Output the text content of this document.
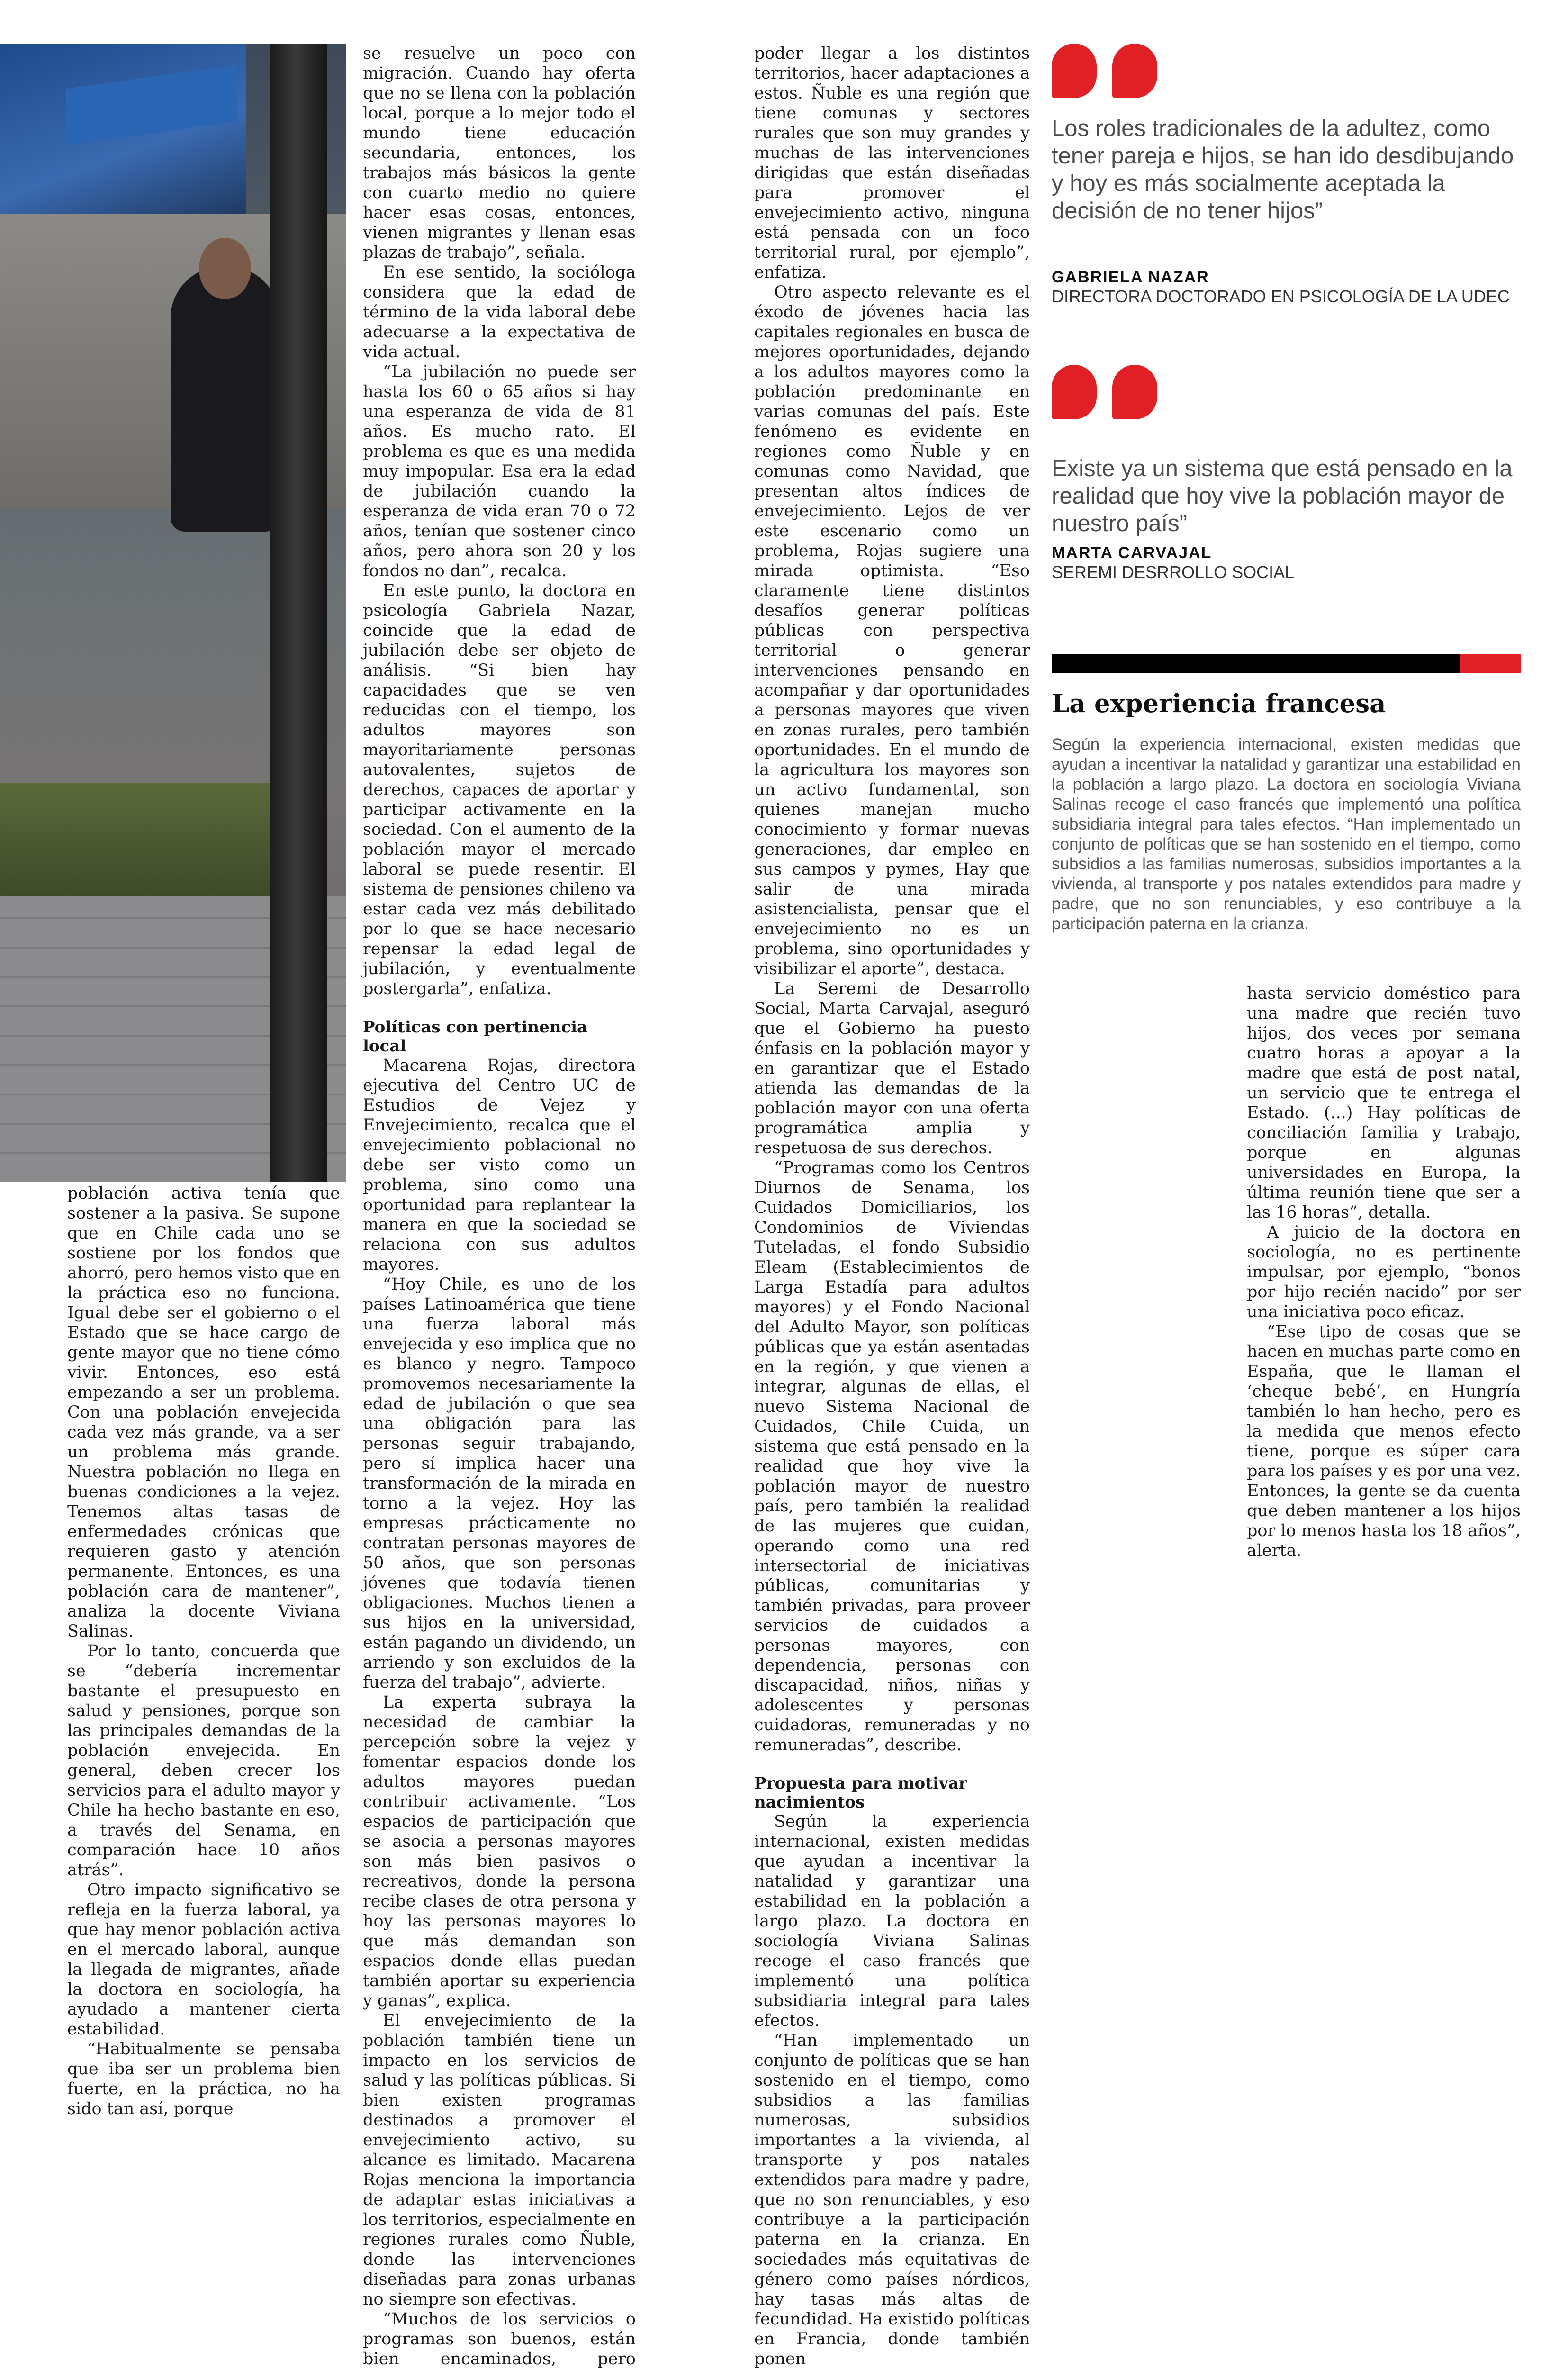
población activa tenía que sostener a la pasiva. Se supone que en Chile cada uno se sostiene por los fondos que ahorró, pero hemos visto que en la práctica eso no funciona. Igual debe ser el gobierno o el Estado que se hace cargo de gente mayor que no tiene cómo vivir. Entonces, eso está empezando a ser un problema. Con una población envejecida cada vez más grande, va a ser un problema más grande. Nuestra población no llega en buenas condiciones a la vejez. Tenemos altas tasas de enfermedades crónicas que requieren gasto y atención permanente. Entonces, es una población cara de mantener”, analiza la docente Viviana Salinas.

Por lo tanto, concuerda que se “debería incrementar bastante el presupuesto en salud y pensiones, porque son las principales demandas de la población envejecida. En general, deben crecer los servicios para el adulto mayor y Chile ha hecho bastante en eso, a través del Senama, en comparación hace 10 años atrás”.

Otro impacto significativo se refleja en la fuerza laboral, ya que hay menor población activa en el mercado laboral, aunque la llegada de migrantes, añade la doctora en sociología, ha ayudado a mantener cierta estabilidad.

“Habitualmente se pensaba que iba ser un problema bien fuerte, en la práctica, no ha sido tan así, porque

se resuelve un poco con migración. Cuando hay oferta que no se llena con la población local, porque a lo mejor todo el mundo tiene educación secundaria, entonces, los trabajos más básicos la gente con cuarto medio no quiere hacer esas cosas, entonces, vienen migrantes y llenan esas plazas de trabajo”, señala.

En ese sentido, la socióloga considera que la edad de término de la vida laboral debe adecuarse a la expectativa de vida actual.

“La jubilación no puede ser hasta los 60 o 65 años si hay una esperanza de vida de 81 años. Es mucho rato. El problema es que es una medida muy impopular. Esa era la edad de jubilación cuando la esperanza de vida eran 70 o 72 años, tenían que sostener cinco años, pero ahora son 20 y los fondos no dan”, recalca.

En este punto, la doctora en psicología Gabriela Nazar, coincide que la edad de jubilación debe ser objeto de análisis. “Si bien hay capacidades que se ven reducidas con el tiempo, los adultos mayores son mayoritariamente personas autovalentes, sujetos de derechos, capaces de aportar y participar activamente en la sociedad. Con el aumento de la población mayor el mercado laboral se puede resentir. El sistema de pensiones chileno va estar cada vez más debilitado por lo que se hace necesario repensar la edad legal de jubilación, y eventualmente postergarla”, enfatiza.

Políticas con pertinencia local

Macarena Rojas, directora ejecutiva del Centro UC de Estudios de Vejez y Envejecimiento, recalca que el envejecimiento poblacional no debe ser visto como un problema, sino como una oportunidad para replantear la manera en que la sociedad se relaciona con sus adultos mayores.

“Hoy Chile, es uno de los países Latinoamérica que tiene una fuerza laboral más envejecida y eso implica que no es blanco y negro. Tampoco promovemos necesariamente la edad de jubilación o que sea una obligación para las personas seguir trabajando, pero sí implica hacer una transformación de la mirada en torno a la vejez. Hoy las empresas prácticamente no contratan personas mayores de 50 años, que son personas jóvenes que todavía tienen obligaciones. Muchos tienen a sus hijos en la universidad, están pagando un dividendo, un arriendo y son excluidos de la fuerza del trabajo”, advierte.

La experta subraya la necesidad de cambiar la percepción sobre la vejez y fomentar espacios donde los adultos mayores puedan contribuir activamente. “Los espacios de participación que se asocia a personas mayores son más bien pasivos o recreativos, donde la persona recibe clases de otra persona y hoy las personas mayores lo que más demandan son espacios donde ellas puedan también aportar su experiencia y ganas”, explica.

El envejecimiento de la población también tiene un impacto en los servicios de salud y las políticas públicas. Si bien existen programas destinados a promover el envejecimiento activo, su alcance es limitado. Macarena Rojas menciona la importancia de adaptar estas iniciativas a los territorios, especialmente en regiones rurales como Ñuble, donde las intervenciones diseñadas para zonas urbanas no siempre son efectivas.

“Muchos de los servicios o programas son buenos, están bien encaminados, pero

poder llegar a los distintos territorios, hacer adaptaciones a estos. Ñuble es una región que tiene comunas y sectores rurales que son muy grandes y muchas de las intervenciones dirigidas que están diseñadas para promover el envejecimiento activo, ninguna está pensada con un foco territorial rural, por ejemplo”, enfatiza.

Otro aspecto relevante es el éxodo de jóvenes hacia las capitales regionales en busca de mejores oportunidades, dejando a los adultos mayores como la población predominante en varias comunas del país. Este fenómeno es evidente en regiones como Ñuble y en comunas como Navidad, que presentan altos índices de envejecimiento. Lejos de ver este escenario como un problema, Rojas sugiere una mirada optimista. “Eso claramente tiene distintos desafíos generar políticas públicas con perspectiva territorial o generar intervenciones pensando en acompañar y dar oportunidades a personas mayores que viven en zonas rurales, pero también oportunidades. En el mundo de la agricultura los mayores son un activo fundamental, son quienes manejan mucho conocimiento y formar nuevas generaciones, dar empleo en sus campos y pymes, Hay que salir de una mirada asistencialista, pensar que el envejecimiento no es un problema, sino oportunidades y visibilizar el aporte”, destaca.

La Seremi de Desarrollo Social, Marta Carvajal, aseguró que el Gobierno ha puesto énfasis en la población mayor y en garantizar que el Estado atienda las demandas de la población mayor con una oferta programática amplia y respetuosa de sus derechos.

“Programas como los Centros Diurnos de Senama, los Cuidados Domiciliarios, los Condominios de Viviendas Tuteladas, el fondo Subsidio Eleam (Establecimientos de Larga Estadía para adultos mayores) y el Fondo Nacional del Adulto Mayor, son políticas públicas que ya están asentadas en la región, y que vienen a integrar, algunas de ellas, el nuevo Sistema Nacional de Cuidados, Chile Cuida, un sistema que está pensado en la realidad que hoy vive la población mayor de nuestro país, pero también la realidad de las mujeres que cuidan, operando como una red intersectorial de iniciativas públicas, comunitarias y también privadas, para proveer servicios de cuidados a personas mayores, con dependencia, personas con discapacidad, niños, niñas y adolescentes y personas cuidadoras, remuneradas y no remuneradas”, describe.

Propuesta para motivar nacimientos

Según la experiencia internacional, existen medidas que ayudan a incentivar la natalidad y garantizar una estabilidad en la población a largo plazo. La doctora en sociología Viviana Salinas recoge el caso francés que implementó una política subsidiaria integral para tales efectos.

“Han implementado un conjunto de políticas que se han sostenido en el tiempo, como subsidios a las familias numerosas, subsidios importantes a la vivienda, al transporte y pos natales extendidos para madre y padre, que no son renunciables, y eso contribuye a la participación paterna en la crianza. En sociedades más equitativas de género como países nórdicos, hay tasas más altas de fecundidad. Ha existido políticas en Francia, donde también ponen

Los roles tradicionales de la adultez, como tener pareja e hijos, se han ido desdibujando y hoy es más socialmente aceptada la decisión de no tener hijos”
GABRIELA NAZAR
DIRECTORA DOCTORADO EN PSICOLOGÍA DE LA UDEC
Existe ya un sistema que está pensado en la realidad que hoy vive la población mayor de nuestro país”
MARTA CARVAJAL
SEREMI DESRROLLO SOCIAL
La experiencia francesa

Según la experiencia internacional, existen medidas que ayudan a incentivar la natalidad y garantizar una estabilidad en la población a largo plazo. La doctora en sociología Viviana Salinas recoge el caso francés que implementó una política subsidiaria integral para tales efectos. “Han implementado un conjunto de políticas que se han sostenido en el tiempo, como subsidios a las familias numerosas, subsidios importantes a la vivienda, al transporte y pos natales extendidos para madre y padre, que no son renunciables, y eso contribuye a la participación paterna en la crianza.

hasta servicio doméstico para una madre que recién tuvo hijos, dos veces por semana cuatro horas a apoyar a la madre que está de post natal, un servicio que te entrega el Estado. (...) Hay políticas de conciliación familia y trabajo, porque en algunas universidades en Europa, la última reunión tiene que ser a las 16 horas”, detalla.

A juicio de la doctora en sociología, no es pertinente impulsar, por ejemplo, “bonos por hijo recién nacido” por ser una iniciativa poco eficaz.

“Ese tipo de cosas que se hacen en muchas parte como en España, que le llaman el ‘cheque bebé’, en Hungría también lo han hecho, pero es la medida que menos efecto tiene, porque es súper cara para los países y es por una vez. Entonces, la gente se da cuenta que deben mantener a los hijos por lo menos hasta los 18 años”, alerta.
